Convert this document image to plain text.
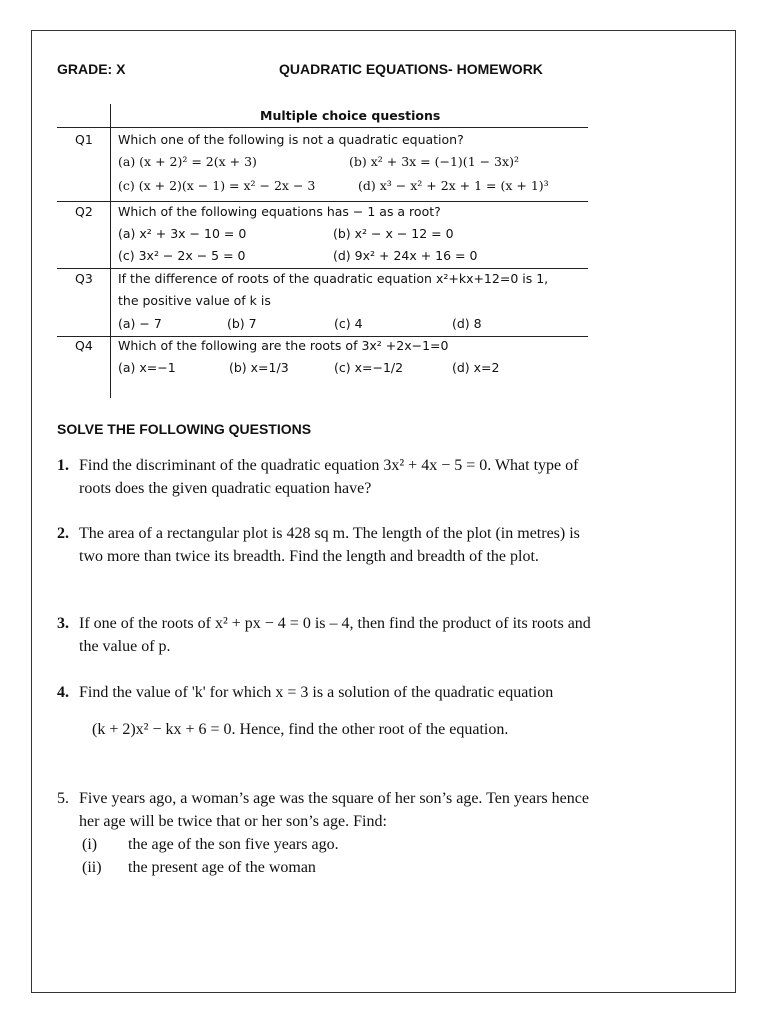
GRADE: X	QUADRATIC EQUATIONS- HOMEWORK
Multiple choice questions
Q1 Which one of the following is not a quadratic equation?
(a) (x + 2)² = 2(x + 3)	(b) x² + 3x = (−1)(1 − 3x)²
(c) (x + 2)(x − 1) = x² − 2x − 3	(d) x³ − x² + 2x + 1 = (x + 1)³
Q2 Which of the following equations has − 1 as a root?
(a) x² + 3x − 10 = 0	(b) x² − x − 12 = 0
(c) 3x² − 2x − 5 = 0	(d) 9x² + 24x + 16 = 0
Q3 If the difference of roots of the quadratic equation x²+kx+12=0 is 1,
the positive value of k is
(a) − 7	(b) 7	(c) 4	(d) 8
Q4 Which of the following are the roots of 3x² +2x−1=0
(a) x=−1	(b) x=1/3	(c) x=−1/2	(d) x=2
SOLVE THE FOLLOWING QUESTIONS
1. Find the discriminant of the quadratic equation 3x² + 4x − 5 = 0. What type of
roots does the given quadratic equation have?
2. The area of a rectangular plot is 428 sq m. The length of the plot (in metres) is
two more than twice its breadth. Find the length and breadth of the plot.
3. If one of the roots of x² + px − 4 = 0 is – 4, then find the product of its roots and
the value of p.
4. Find the value of 'k' for which x = 3 is a solution of the quadratic equation
(k + 2)x² − kx + 6 = 0. Hence, find the other root of the equation.
5. Five years ago, a woman’s age was the square of her son’s age. Ten years hence
her age will be twice that or her son’s age. Find:
(i) the age of the son five years ago.
(ii) the present age of the woman
